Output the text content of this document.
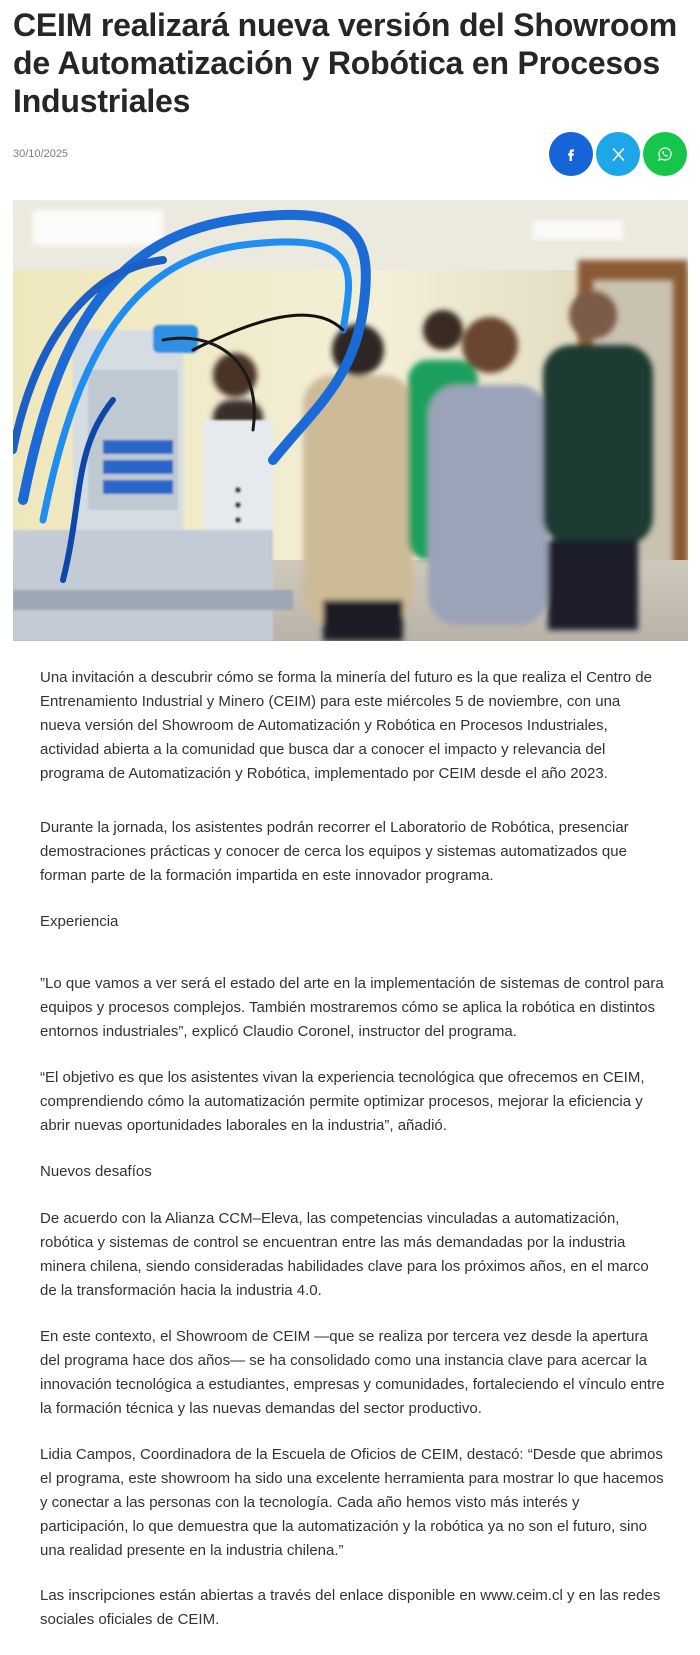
CEIM realizará nueva versión del Showroom de Automatización y Robótica en Procesos Industriales
30/10/2025

Una invitación a descubrir cómo se forma la minería del futuro es la que realiza el Centro de Entrenamiento Industrial y Minero (CEIM) para este miércoles 5 de noviembre, con una nueva versión del Showroom de Automatización y Robótica en Procesos Industriales, actividad abierta a la comunidad que busca dar a conocer el impacto y relevancia del programa de Automatización y Robótica, implementado por CEIM desde el año 2023.

Durante la jornada, los asistentes podrán recorrer el Laboratorio de Robótica, presenciar demostraciones prácticas y conocer de cerca los equipos y sistemas automatizados que forman parte de la formación impartida en este innovador programa.

Experiencia

”Lo que vamos a ver será el estado del arte en la implementación de sistemas de control para equipos y procesos complejos. También mostraremos cómo se aplica la robótica en distintos entornos industriales”, explicó Claudio Coronel, instructor del programa.

“El objetivo es que los asistentes vivan la experiencia tecnológica que ofrecemos en CEIM, comprendiendo cómo la automatización permite optimizar procesos, mejorar la eficiencia y abrir nuevas oportunidades laborales en la industria”, añadió.

Nuevos desafíos

De acuerdo con la Alianza CCM–Eleva, las competencias vinculadas a automatización, robótica y sistemas de control se encuentran entre las más demandadas por la industria minera chilena, siendo consideradas habilidades clave para los próximos años, en el marco de la transformación hacia la industria 4.0.

En este contexto, el Showroom de CEIM —que se realiza por tercera vez desde la apertura del programa hace dos años— se ha consolidado como una instancia clave para acercar la innovación tecnológica a estudiantes, empresas y comunidades, fortaleciendo el vínculo entre la formación técnica y las nuevas demandas del sector productivo.

Lidia Campos, Coordinadora de la Escuela de Oficios de CEIM, destacó: “Desde que abrimos el programa, este showroom ha sido una excelente herramienta para mostrar lo que hacemos y conectar a las personas con la tecnología. Cada año hemos visto más interés y participación, lo que demuestra que la automatización y la robótica ya no son el futuro, sino una realidad presente en la industria chilena.”

Las inscripciones están abiertas a través del enlace disponible en www.ceim.cl y en las redes sociales oficiales de CEIM.
